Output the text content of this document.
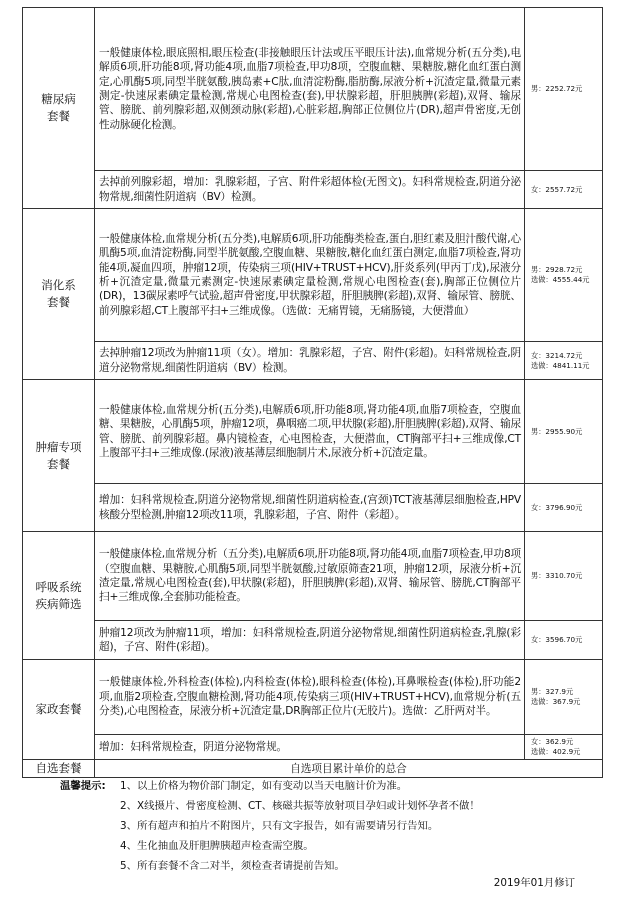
糖尿病
套餐	一般健康体检,眼底照相,眼压检查(非接触眼压计法或压平眼压计法),血常规分析(五分类),电解质6项,肝功能8项,肾功能4项,血脂7项检查,甲功8项，空腹血糖、果糖胺,糖化血红蛋白测定,心肌酶5项,同型半胱氨酸,胰岛素+C肽,血清淀粉酶,脂肪酶,尿液分析+沉渣定量,微量元素测定-快速尿素碘定量检测,常规心电图检查(套),甲状腺彩超，肝胆胰脾(彩超),双肾、输尿管、膀胱、前列腺彩超,双侧颈动脉(彩超),心脏彩超,胸部正位侧位片(DR),超声骨密度,无创性动脉硬化检测。	男：2252.72元
	去掉前列腺彩超，增加：乳腺彩超，子宫、附件彩超体检(无图文)。妇科常规检查,阴道分泌物常规,细菌性阴道病（BV）检测。	女：2557.72元

消化系
套餐	一般健康体检,血常规分析(五分类),电解质6项,肝功能酶类检查,蛋白,胆红素及胆汁酸代谢,心肌酶5项,血清淀粉酶,同型半胱氨酸,空腹血糖、果糖胺,糖化血红蛋白测定,血脂7项检查,肾功能4项,凝血四项，肿瘤12项，传染病三项(HIV+TRUST+HCV),肝炎系列(甲丙丁戊),尿液分析+沉渣定量,微量元素测定-快速尿素碘定量检测,常规心电图检查(套),胸部正位侧位片(DR)，13碳尿素呼气试验,超声骨密度,甲状腺彩超，肝胆胰脾(彩超),双肾、输尿管、膀胱、前列腺彩超,CT上腹部平扫+三维成像。（选做：无痛胃镜，无痛肠镜，大便潜血）	男：2928.72元
选做：4555.44元
	去掉肿瘤12项改为肿瘤11项（女）。增加：乳腺彩超，子宫、附件(彩超)。妇科常规检查,阴道分泌物常规,细菌性阴道病（BV）检测。	女：3214.72元
选做：4841.11元

肿瘤专项
套餐	一般健康体检,血常规分析(五分类),电解质6项,肝功能8项,肾功能4项,血脂7项检查，空腹血糖、果糖胺，心肌酶5项，肿瘤12项，鼻咽癌二项,甲状腺(彩超),肝胆胰脾(彩超),双肾、输尿管、膀胱、前列腺彩超。鼻内镜检查，心电图检查，大便潜血，CT胸部平扫+三维成像,CT上腹部平扫+三维成像.(尿液)液基薄层细胞制片术,尿液分析+沉渣定量。	男：2955.90元
	增加：妇科常规检查,阴道分泌物常规,细菌性阴道病检查,(宫颈)TCT液基薄层细胞检查,HPV核酸分型检测,肿瘤12项改11项，乳腺彩超，子宫、附件（彩超）。	女：3796.90元

呼吸系统
疾病筛选	一般健康体检,血常规分析（五分类),电解质6项,肝功能8项,肾功能4项,血脂7项检查,甲功8项（空腹血糖、果糖胺,心肌酶5项,同型半胱氨酸,过敏原筛查21项，肿瘤12项，尿液分析+沉渣定量,常规心电图检查(套),甲状腺(彩超)，肝胆胰脾(彩超),双肾、输尿管、膀胱,CT胸部平扫+三维成像,全套肺功能检查。	男：3310.70元
	肿瘤12项改为肿瘤11项，增加：妇科常规检查,阴道分泌物常规,细菌性阴道病检查,乳腺(彩超)，子宫、附件(彩超)。	女：3596.70元

家政套餐	一般健康体检,外科检查(体检),内科检查(体检),眼科检查(体检),耳鼻喉检查(体检),肝功能2项,血脂2项检查,空腹血糖检测,肾功能4项,传染病三项(HIV+TRUST+HCV),血常规分析(五分类),心电图检查，尿液分析+沉渣定量,DR胸部正位片(无胶片)。选做：乙肝两对半。	男：327.9元
选做：367.9元
	增加：妇科常规检查，阴道分泌物常规。	女：362.9元
选做：402.9元
自选套餐	自选项目累计单价的总合	
温馨提示:	1、以上价格为物价部门制定，如有变动以当天电脑计价为准。
2、X线摄片、骨密度检测、CT、核磁共振等放射项目孕妇或计划怀孕者不做！
3、所有超声和拍片不附图片，只有文字报告，如有需要请另行告知。
4、生化抽血及肝胆脾胰超声检查需空腹。
5、所有套餐不含二对半，须检查者请提前告知。
2019年01月修订
